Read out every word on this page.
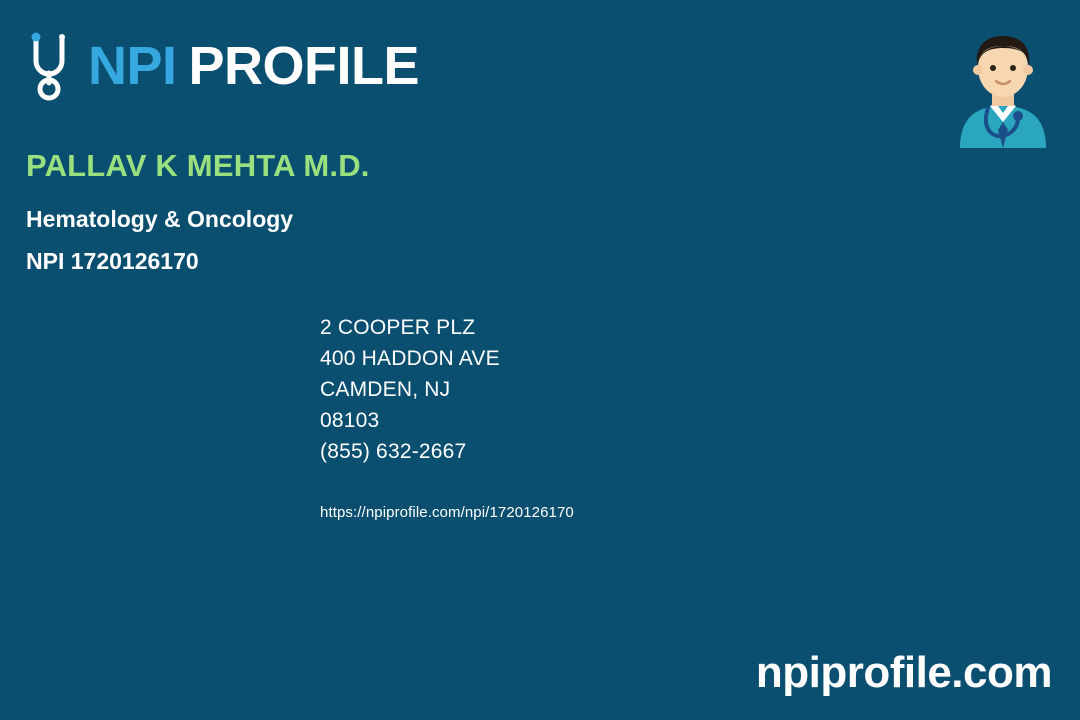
NPI PROFILE
PALLAV K MEHTA M.D.
Hematology & Oncology
NPI 1720126170
2 COOPER PLZ
400 HADDON AVE
CAMDEN, NJ
08103
(855) 632-2667
https://npiprofile.com/npi/1720126170
npiprofile.com
